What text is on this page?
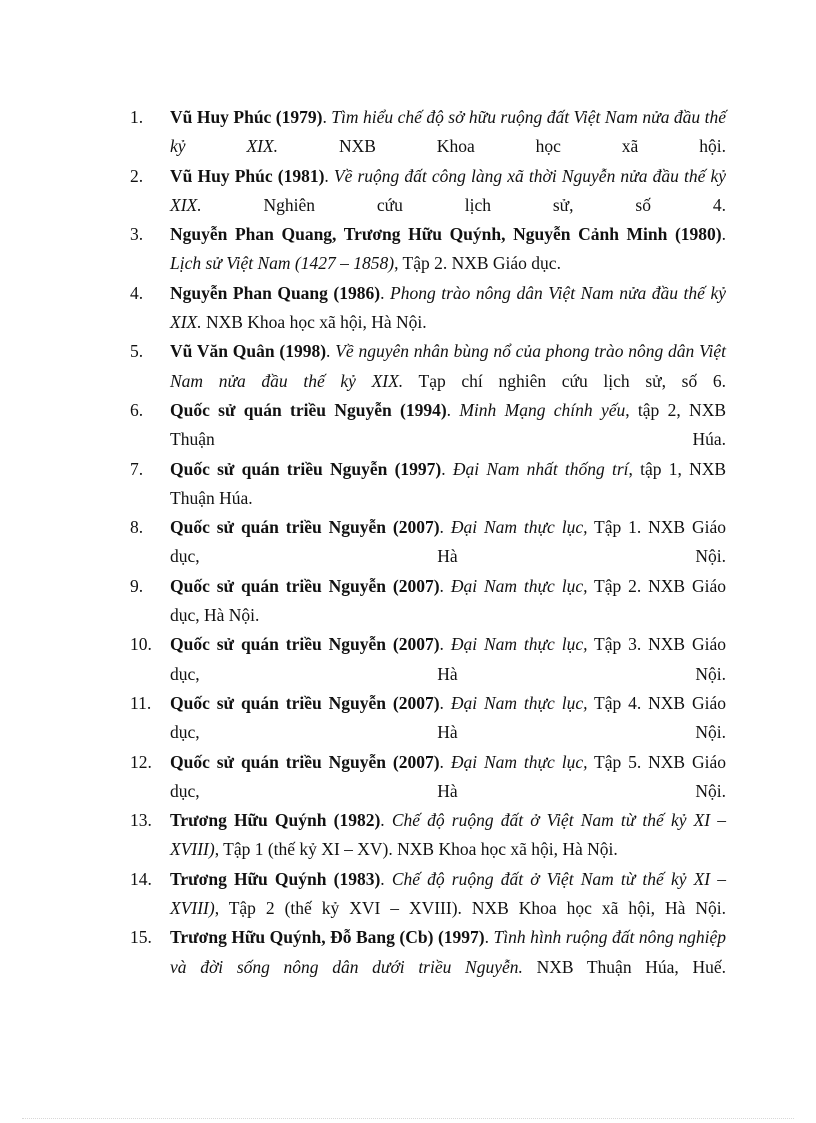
1.	Vũ Huy Phúc (1979). Tìm hiểu chế độ sở hữu ruộng đất Việt Nam nửa đầu thế kỷ XIX. NXB Khoa học xã hội.
2.	Vũ Huy Phúc (1981). Về ruộng đất công làng xã thời Nguyễn nửa đầu thế kỷ XIX. Nghiên cứu lịch sử, số 4.
3.	Nguyễn Phan Quang, Trương Hữu Quýnh, Nguyễn Cảnh Minh (1980). Lịch sử Việt Nam (1427 – 1858), Tập 2. NXB Giáo dục.
4.	Nguyễn Phan Quang (1986). Phong trào nông dân Việt Nam nửa đầu thế kỷ XIX. NXB Khoa học xã hội, Hà Nội.
5.	Vũ Văn Quân (1998). Về nguyên nhân bùng nổ của phong trào nông dân Việt Nam nửa đầu thế kỷ XIX. Tạp chí nghiên cứu lịch sử, số 6.
6.	Quốc sử quán triều Nguyễn (1994). Minh Mạng chính yếu, tập 2, NXB Thuận Húa.
7.	Quốc sử quán triều Nguyễn (1997). Đại Nam nhất thống trí, tập 1, NXB Thuận Húa.
8.	Quốc sử quán triều Nguyễn (2007). Đại Nam thực lục, Tập 1. NXB Giáo dục, Hà Nội.
9.	Quốc sử quán triều Nguyễn (2007). Đại Nam thực lục, Tập 2. NXB Giáo dục, Hà Nội.
10.	Quốc sử quán triều Nguyễn (2007). Đại Nam thực lục, Tập 3. NXB Giáo dục, Hà Nội.
11.	Quốc sử quán triều Nguyễn (2007). Đại Nam thực lục, Tập 4. NXB Giáo dục, Hà Nội.
12.	Quốc sử quán triều Nguyễn (2007). Đại Nam thực lục, Tập 5. NXB Giáo dục, Hà Nội.
13.	Trương Hữu Quýnh (1982). Chế độ ruộng đất ở Việt Nam từ thế kỷ XI – XVIII), Tập 1 (thế kỷ XI – XV). NXB Khoa học xã hội, Hà Nội.
14.	Trương Hữu Quýnh (1983). Chế độ ruộng đất ở Việt Nam từ thế kỷ XI – XVIII), Tập 2 (thế kỷ XVI – XVIII). NXB Khoa học xã hội, Hà Nội.
15.	Trương Hữu Quýnh, Đỗ Bang (Cb) (1997). Tình hình ruộng đất nông nghiệp và đời sống nông dân dưới triều Nguyễn. NXB Thuận Húa, Huế.
